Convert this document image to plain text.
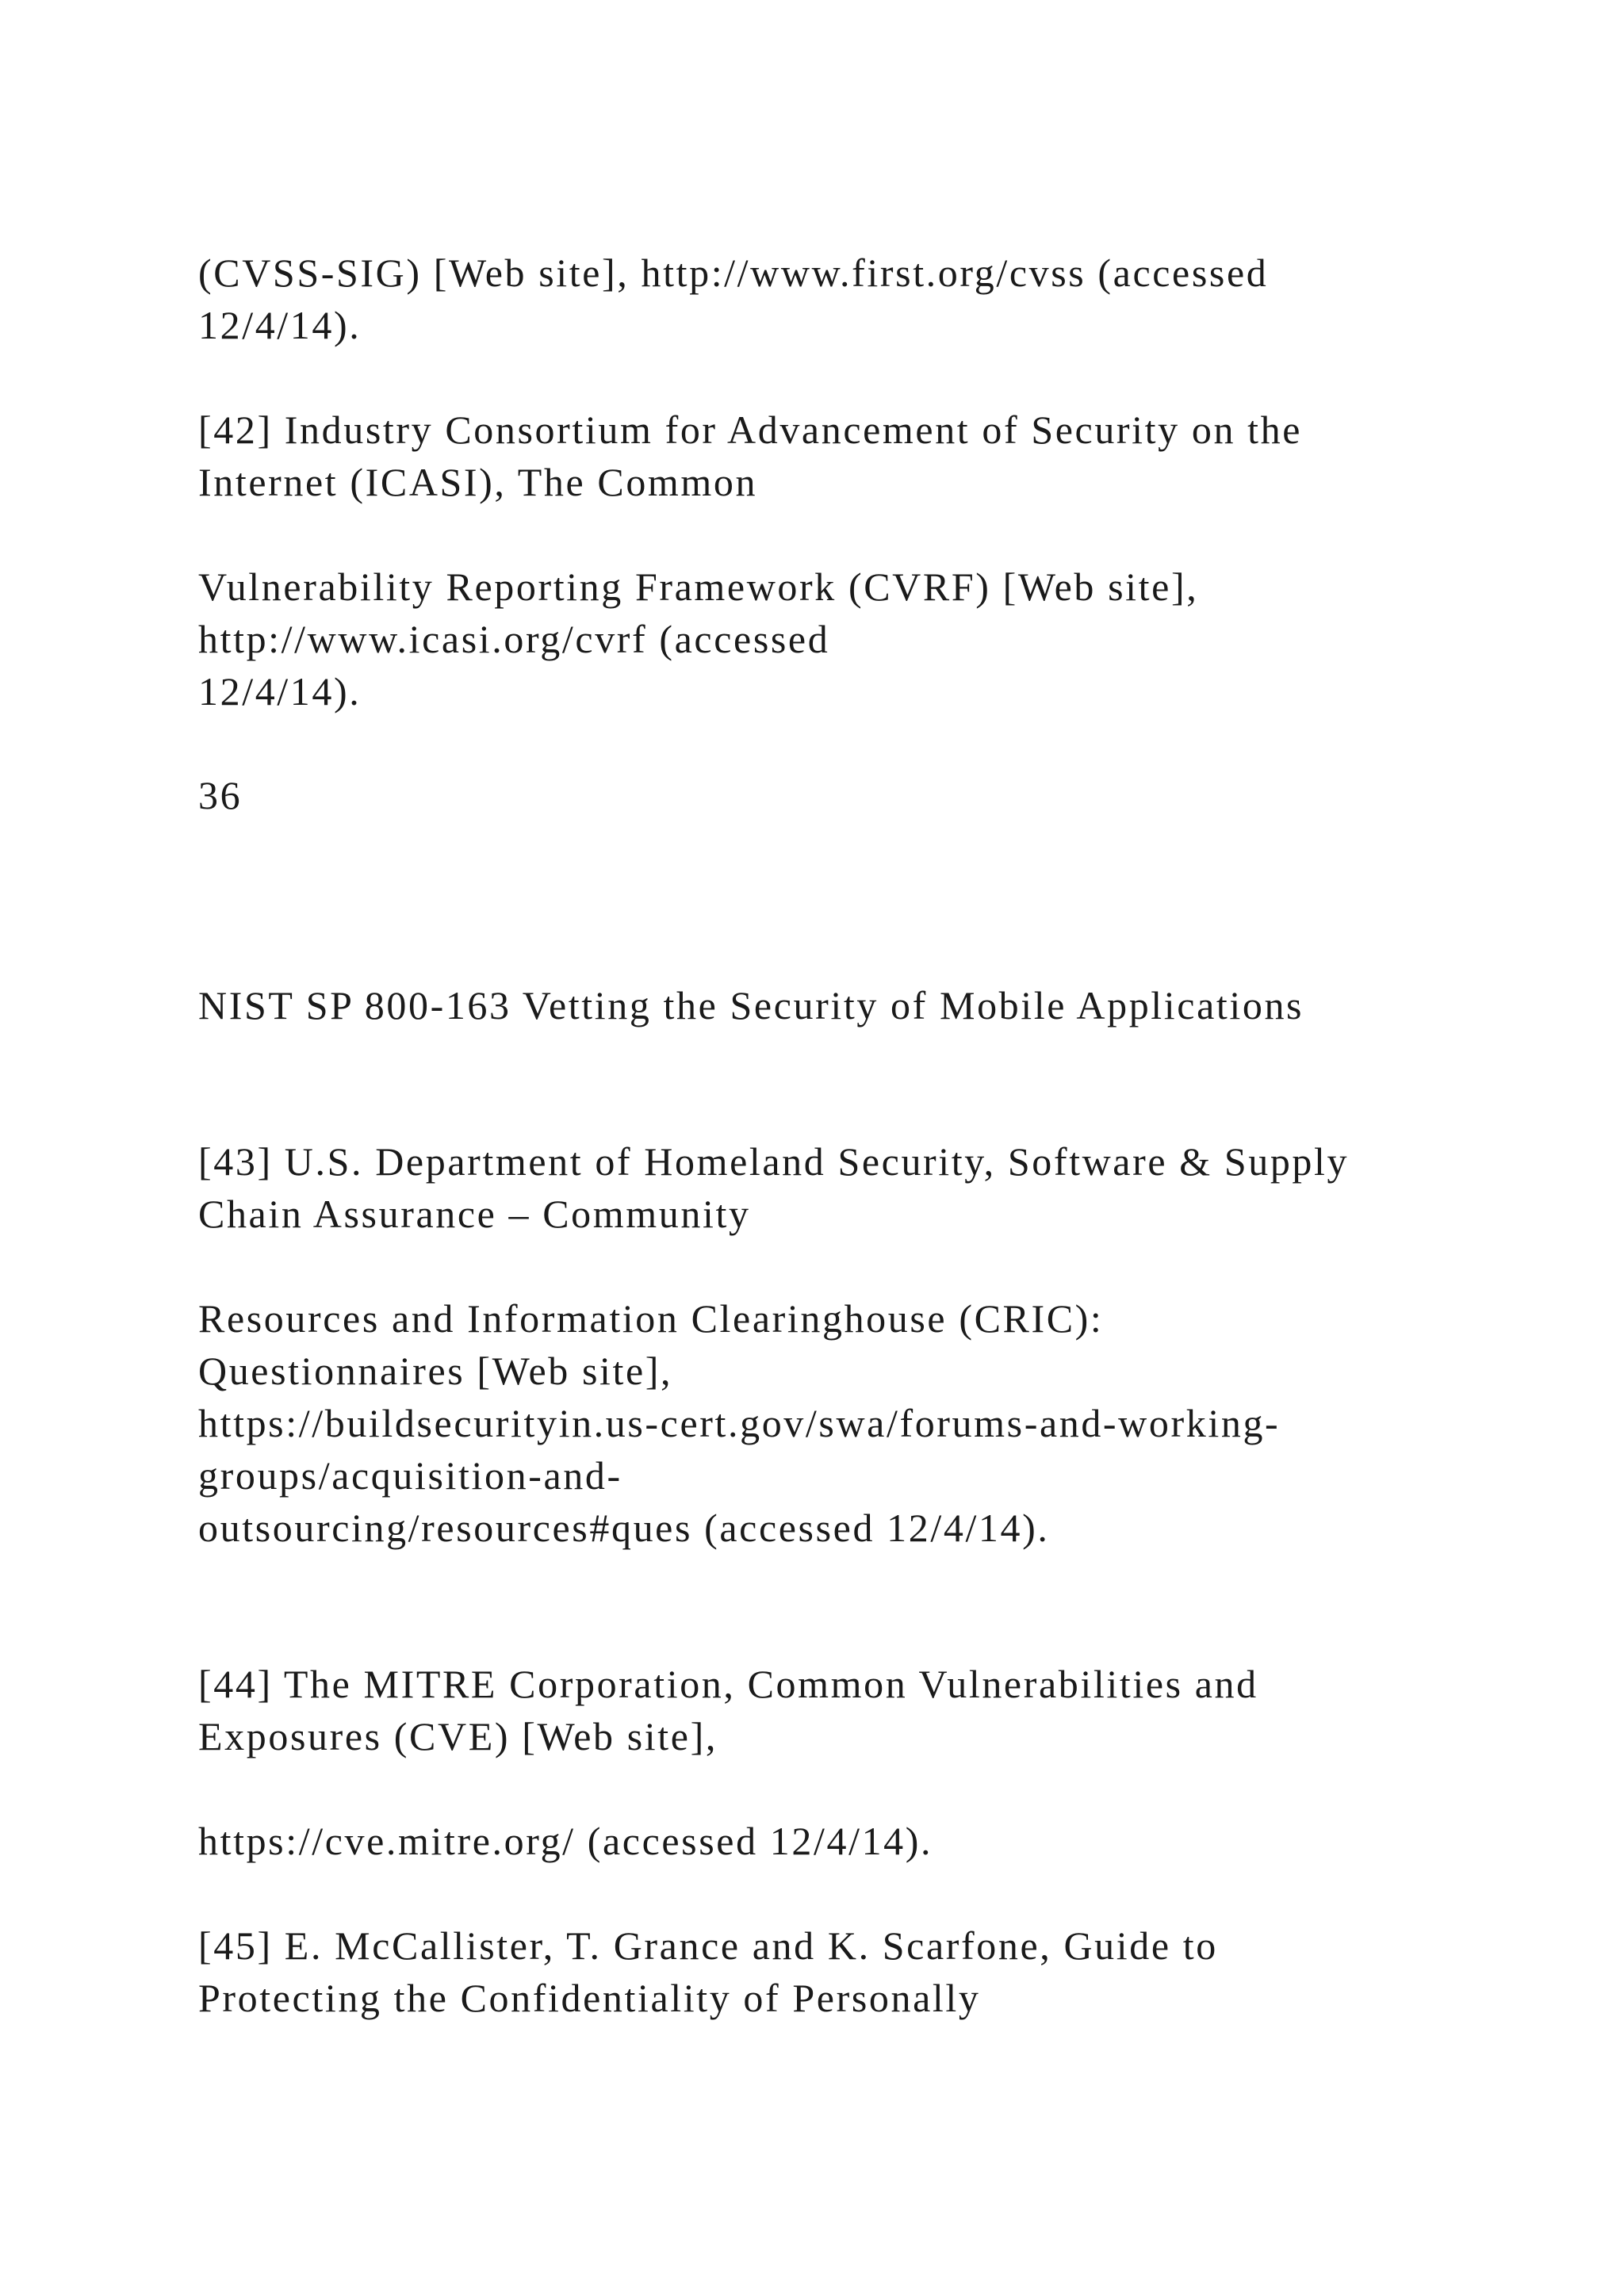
(CVSS-SIG) [Web site], http://www.first.org/cvss (accessed

12/4/14).

[42] Industry Consortium for Advancement of Security on the

Internet (ICASI), The Common

Vulnerability Reporting Framework (CVRF) [Web site],

http://www.icasi.org/cvrf (accessed

12/4/14).

36

NIST SP 800-163 Vetting the Security of Mobile Applications

[43] U.S. Department of Homeland Security, Software & Supply

Chain Assurance – Community

Resources and Information Clearinghouse (CRIC):

Questionnaires [Web site],

https://buildsecurityin.us-cert.gov/swa/forums-and-working-

groups/acquisition-and-

outsourcing/resources#ques (accessed 12/4/14).

[44] The MITRE Corporation, Common Vulnerabilities and

Exposures (CVE) [Web site],

https://cve.mitre.org/ (accessed 12/4/14).

[45] E. McCallister, T. Grance and K. Scarfone, Guide to

Protecting the Confidentiality of Personally
